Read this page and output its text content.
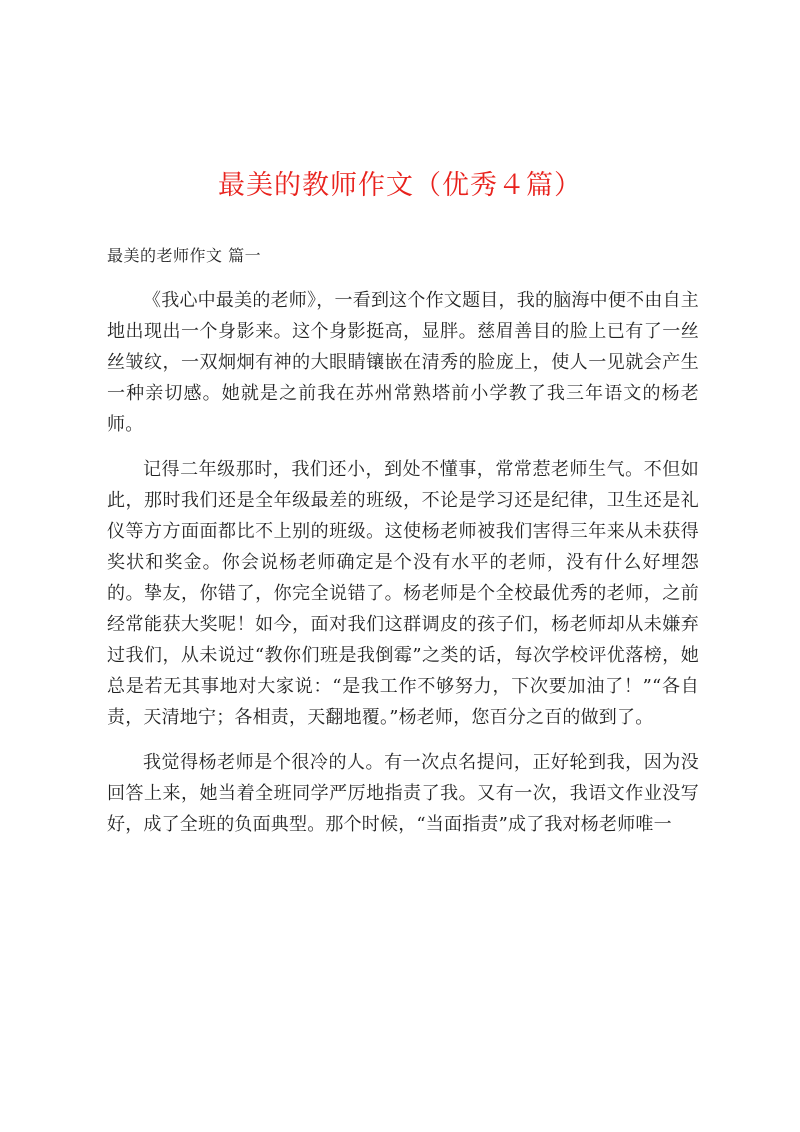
最美的教师作文（优秀４篇）
最美的老师作文 篇一

《我心中最美的老师》，一看到这个作文题目，我的脑海中便不由自主地出现出一个身影来。这个身影挺高，显胖。慈眉善目的脸上已有了一丝丝皱纹，一双炯炯有神的大眼睛镶嵌在清秀的脸庞上，使人一见就会产生一种亲切感。她就是之前我在苏州常熟塔前小学教了我三年语文的杨老师。

记得二年级那时，我们还小，到处不懂事，常常惹老师生气。不但如此，那时我们还是全年级最差的班级，不论是学习还是纪律，卫生还是礼仪等方方面面都比不上别的班级。这使杨老师被我们害得三年来从未获得奖状和奖金。你会说杨老师确定是个没有水平的老师，没有什么好埋怨的。挚友，你错了，你完全说错了。杨老师是个全校最优秀的老师，之前经常能获大奖呢！如今，面对我们这群调皮的孩子们，杨老师却从未嫌弃过我们，从未说过“教你们班是我倒霉”之类的话，每次学校评优落榜，她总是若无其事地对大家说：“是我工作不够努力，下次要加油了！”“各自责，天清地宁；各相责，天翻地覆。”杨老师，您百分之百的做到了。

我觉得杨老师是个很冷的人。有一次点名提问，正好轮到我，因为没回答上来，她当着全班同学严厉地指责了我。又有一次，我语文作业没写好，成了全班的负面典型。那个时候，“当面指责”成了我对杨老师唯一
